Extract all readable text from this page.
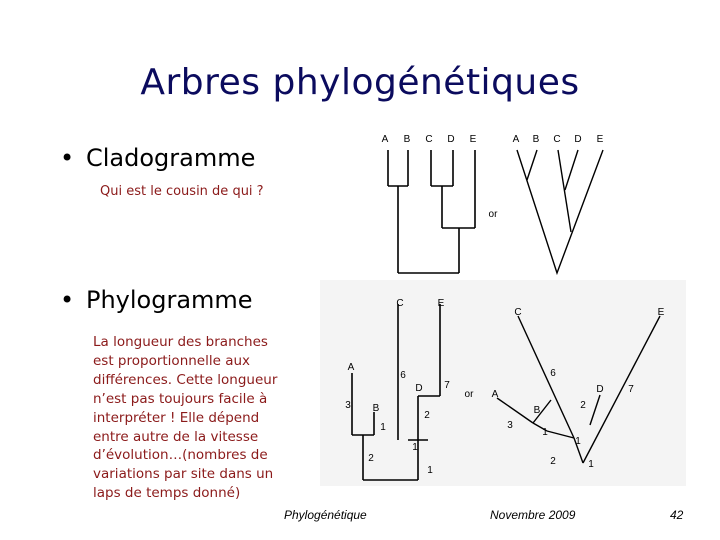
Arbres phylogénétiques
• Cladogramme
Qui est le cousin de qui ?
• Phylogramme
La longueur des branches est proportionnelle aux différences. Cette longueur n’est pas toujours facile à interpréter ! Elle dépend entre autre de la vitesse d’évolution…(nombres de variations par site dans un laps de temps donné)
A B C D E	A B C D E
or
A
B
C
D
E
3
1
2
6
7
2
1
1
or A
B
C
D
E
3
1
6
2
7
1
2	1
Phylogénétique	Novembre 2009	42
